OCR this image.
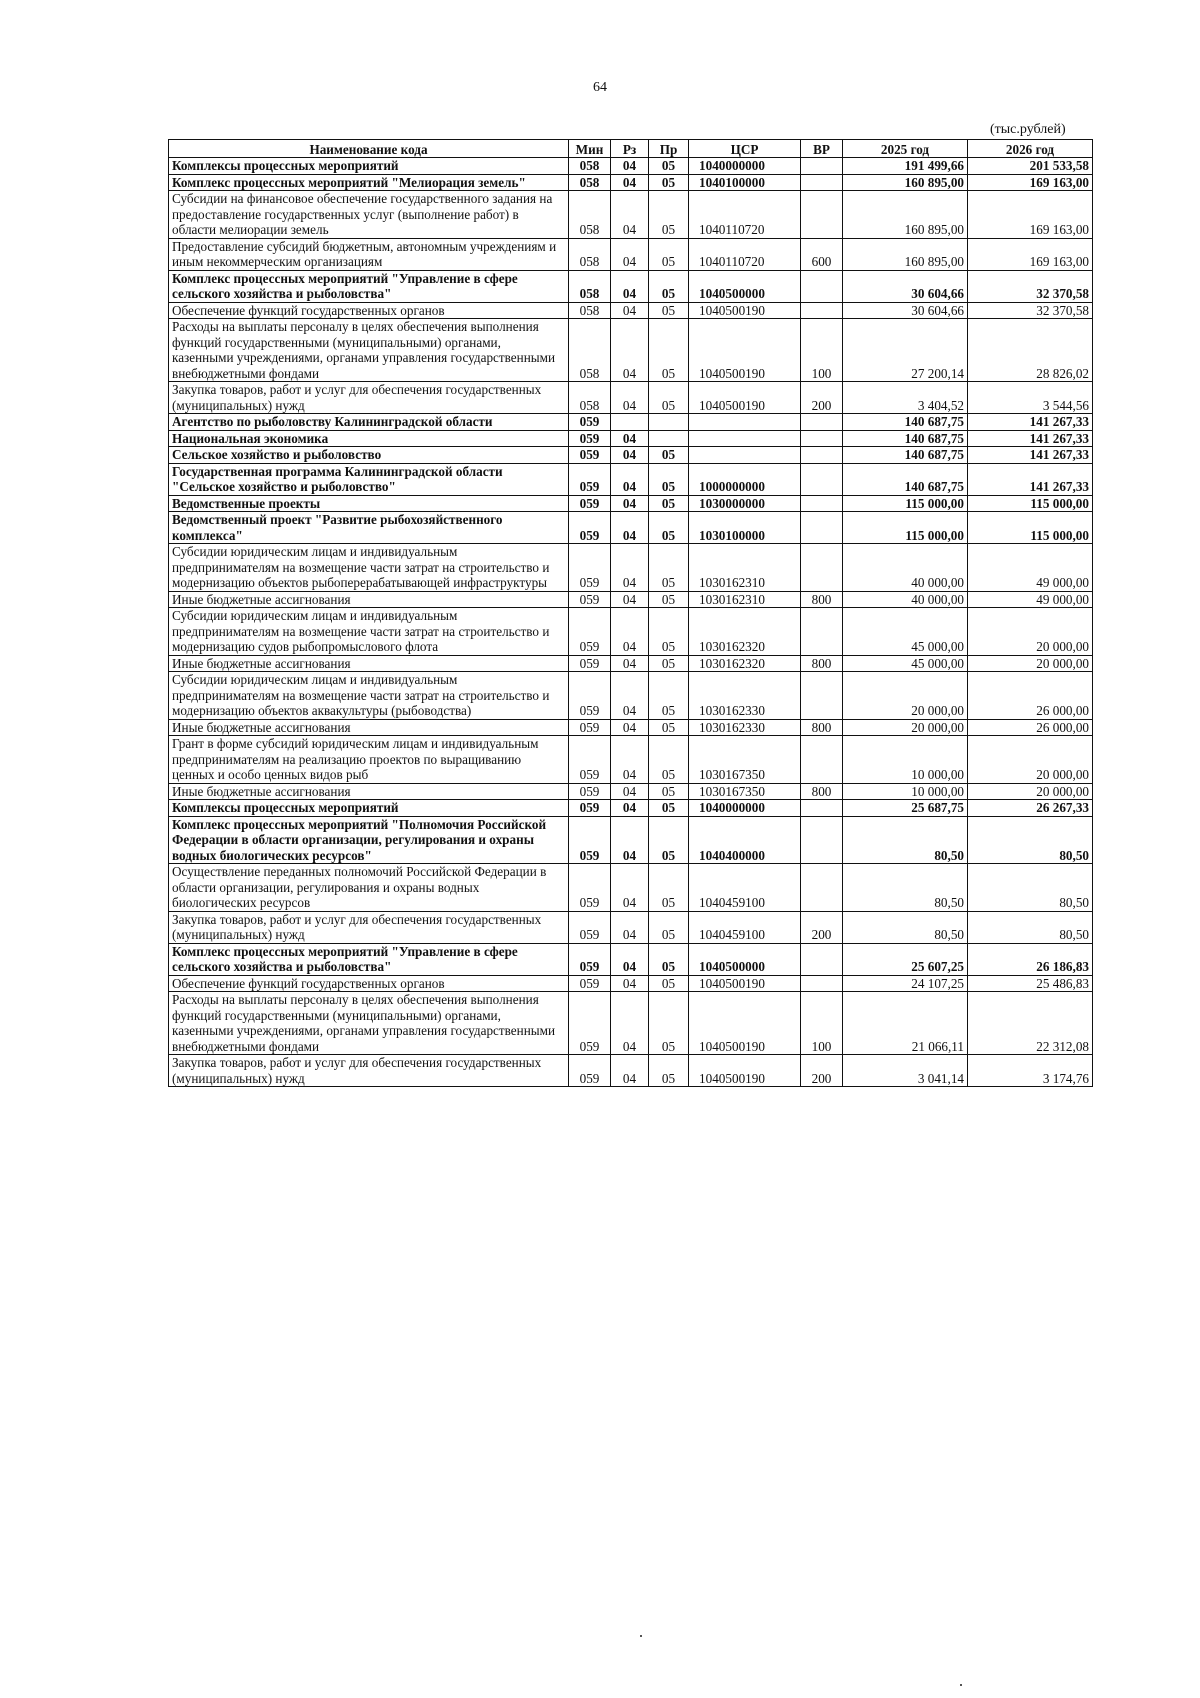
64
(тыс.рублей)
Наименование кода	Мин	Рз	Пр	ЦСР	ВР	2025 год	2026 год
Комплексы процессных мероприятий	058	04	05	1040000000		191 499,66	201 533,58
Комплекс процессных мероприятий "Мелиорация земель"	058	04	05	1040100000		160 895,00	169 163,00
Субсидии на финансовое обеспечение государственного задания на предоставление государственных услуг (выполнение работ) в области мелиорации земель	058	04	05	1040110720		160 895,00	169 163,00
Предоставление субсидий бюджетным, автономным учреждениям и иным некоммерческим организациям	058	04	05	1040110720	600	160 895,00	169 163,00
Комплекс процессных мероприятий "Управление в сфере сельского хозяйства и рыболовства"	058	04	05	1040500000		30 604,66	32 370,58
Обеспечение функций государственных органов	058	04	05	1040500190		30 604,66	32 370,58
Расходы на выплаты персоналу в целях обеспечения выполнения функций государственными (муниципальными) органами, казенными учреждениями, органами управления государственными внебюджетными фондами	058	04	05	1040500190	100	27 200,14	28 826,02
Закупка товаров, работ и услуг для обеспечения государственных (муниципальных) нужд	058	04	05	1040500190	200	3 404,52	3 544,56
Агентство по рыболовству Калининградской области	059					140 687,75	141 267,33
Национальная экономика	059	04				140 687,75	141 267,33
Сельское хозяйство и рыболовство	059	04	05			140 687,75	141 267,33
Государственная программа Калининградской области "Сельское хозяйство и рыболовство"	059	04	05	1000000000		140 687,75	141 267,33
Ведомственные проекты	059	04	05	1030000000		115 000,00	115 000,00
Ведомственный проект "Развитие рыбохозяйственного комплекса"	059	04	05	1030100000		115 000,00	115 000,00
Субсидии юридическим лицам и индивидуальным предпринимателям на возмещение части затрат на строительство и модернизацию объектов рыбоперерабатывающей инфраструктуры	059	04	05	1030162310		40 000,00	49 000,00
Иные бюджетные ассигнования	059	04	05	1030162310	800	40 000,00	49 000,00
Субсидии юридическим лицам и индивидуальным предпринимателям на возмещение части затрат на строительство и модернизацию судов рыбопромыслового флота	059	04	05	1030162320		45 000,00	20 000,00
Иные бюджетные ассигнования	059	04	05	1030162320	800	45 000,00	20 000,00
Субсидии юридическим лицам и индивидуальным предпринимателям на возмещение части затрат на строительство и модернизацию объектов аквакультуры (рыбоводства)	059	04	05	1030162330		20 000,00	26 000,00
Иные бюджетные ассигнования	059	04	05	1030162330	800	20 000,00	26 000,00
Грант в форме субсидий юридическим лицам и индивидуальным предпринимателям на реализацию проектов по выращиванию ценных и особо ценных видов рыб	059	04	05	1030167350		10 000,00	20 000,00
Иные бюджетные ассигнования	059	04	05	1030167350	800	10 000,00	20 000,00
Комплексы процессных мероприятий	059	04	05	1040000000		25 687,75	26 267,33
Комплекс процессных мероприятий "Полномочия Российской Федерации в области организации, регулирования и охраны водных биологических ресурсов"	059	04	05	1040400000		80,50	80,50
Осуществление переданных полномочий Российской Федерации в области организации, регулирования и охраны водных биологических ресурсов	059	04	05	1040459100		80,50	80,50
Закупка товаров, работ и услуг для обеспечения государственных (муниципальных) нужд	059	04	05	1040459100	200	80,50	80,50
Комплекс процессных мероприятий "Управление в сфере сельского хозяйства и рыболовства"	059	04	05	1040500000		25 607,25	26 186,83
Обеспечение функций государственных органов	059	04	05	1040500190		24 107,25	25 486,83
Расходы на выплаты персоналу в целях обеспечения выполнения функций государственными (муниципальными) органами, казенными учреждениями, органами управления государственными внебюджетными фондами	059	04	05	1040500190	100	21 066,11	22 312,08
Закупка товаров, работ и услуг для обеспечения государственных (муниципальных) нужд	059	04	05	1040500190	200	3 041,14	3 174,76
